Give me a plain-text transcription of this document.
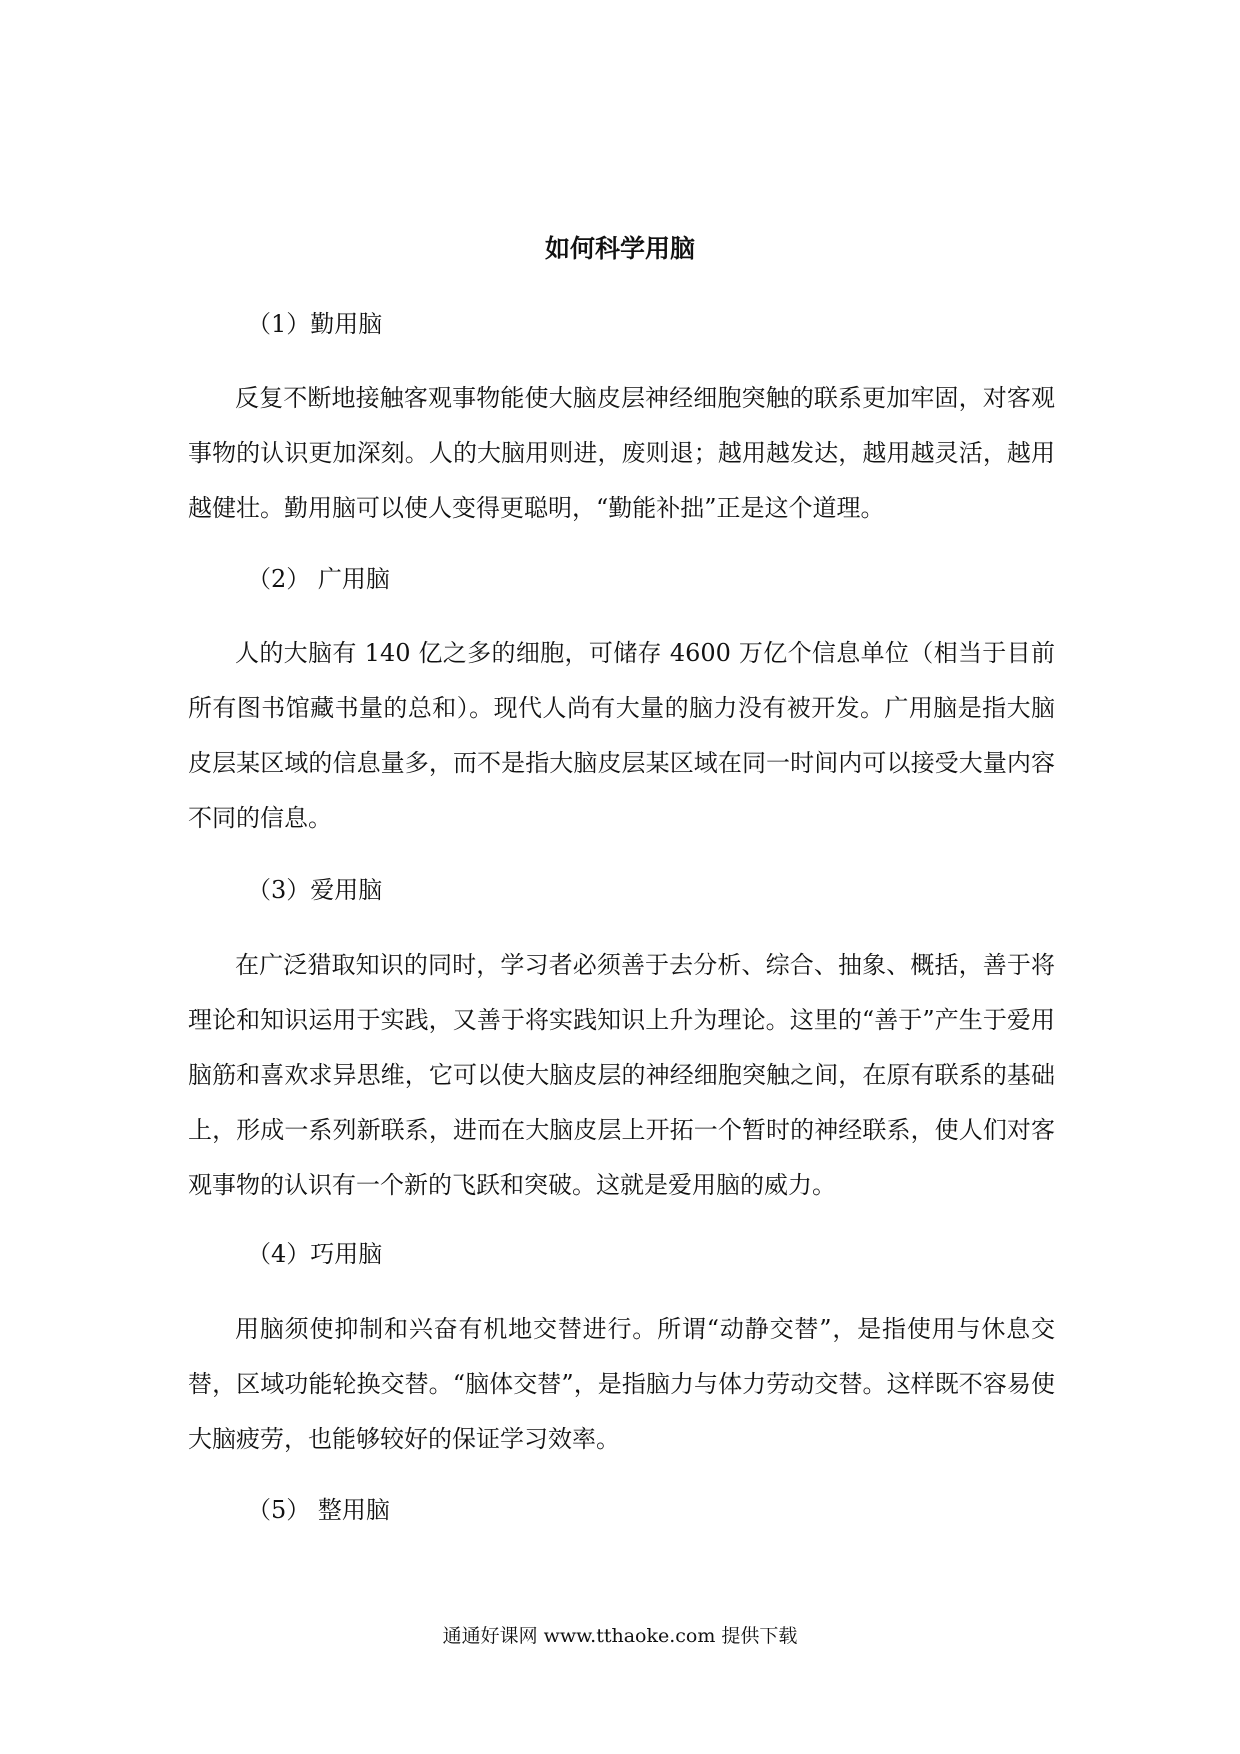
如何科学用脑
（1）勤用脑
反复不断地接触客观事物能使大脑皮层神经细胞突触的联系更加牢固，对客观事物的认识更加深刻。人的大脑用则进，废则退；越用越发达，越用越灵活，越用越健壮。勤用脑可以使人变得更聪明，“勤能补拙”正是这个道理。
（2） 广用脑
人的大脑有 140 亿之多的细胞，可储存 4600 万亿个信息单位（相当于目前所有图书馆藏书量的总和）。现代人尚有大量的脑力没有被开发。广用脑是指大脑皮层某区域的信息量多，而不是指大脑皮层某区域在同一时间内可以接受大量内容不同的信息。
（3）爱用脑
在广泛猎取知识的同时，学习者必须善于去分析、综合、抽象、概括，善于将理论和知识运用于实践，又善于将实践知识上升为理论。这里的“善于”产生于爱用脑筋和喜欢求异思维，它可以使大脑皮层的神经细胞突触之间，在原有联系的基础上，形成一系列新联系，进而在大脑皮层上开拓一个暂时的神经联系，使人们对客观事物的认识有一个新的飞跃和突破。这就是爱用脑的威力。
（4）巧用脑
用脑须使抑制和兴奋有机地交替进行。所谓“动静交替”，是指使用与休息交替，区域功能轮换交替。“脑体交替”，是指脑力与体力劳动交替。这样既不容易使大脑疲劳，也能够较好的保证学习效率。
（5） 整用脑
通通好课网 www.tthaoke.com 提供下载
